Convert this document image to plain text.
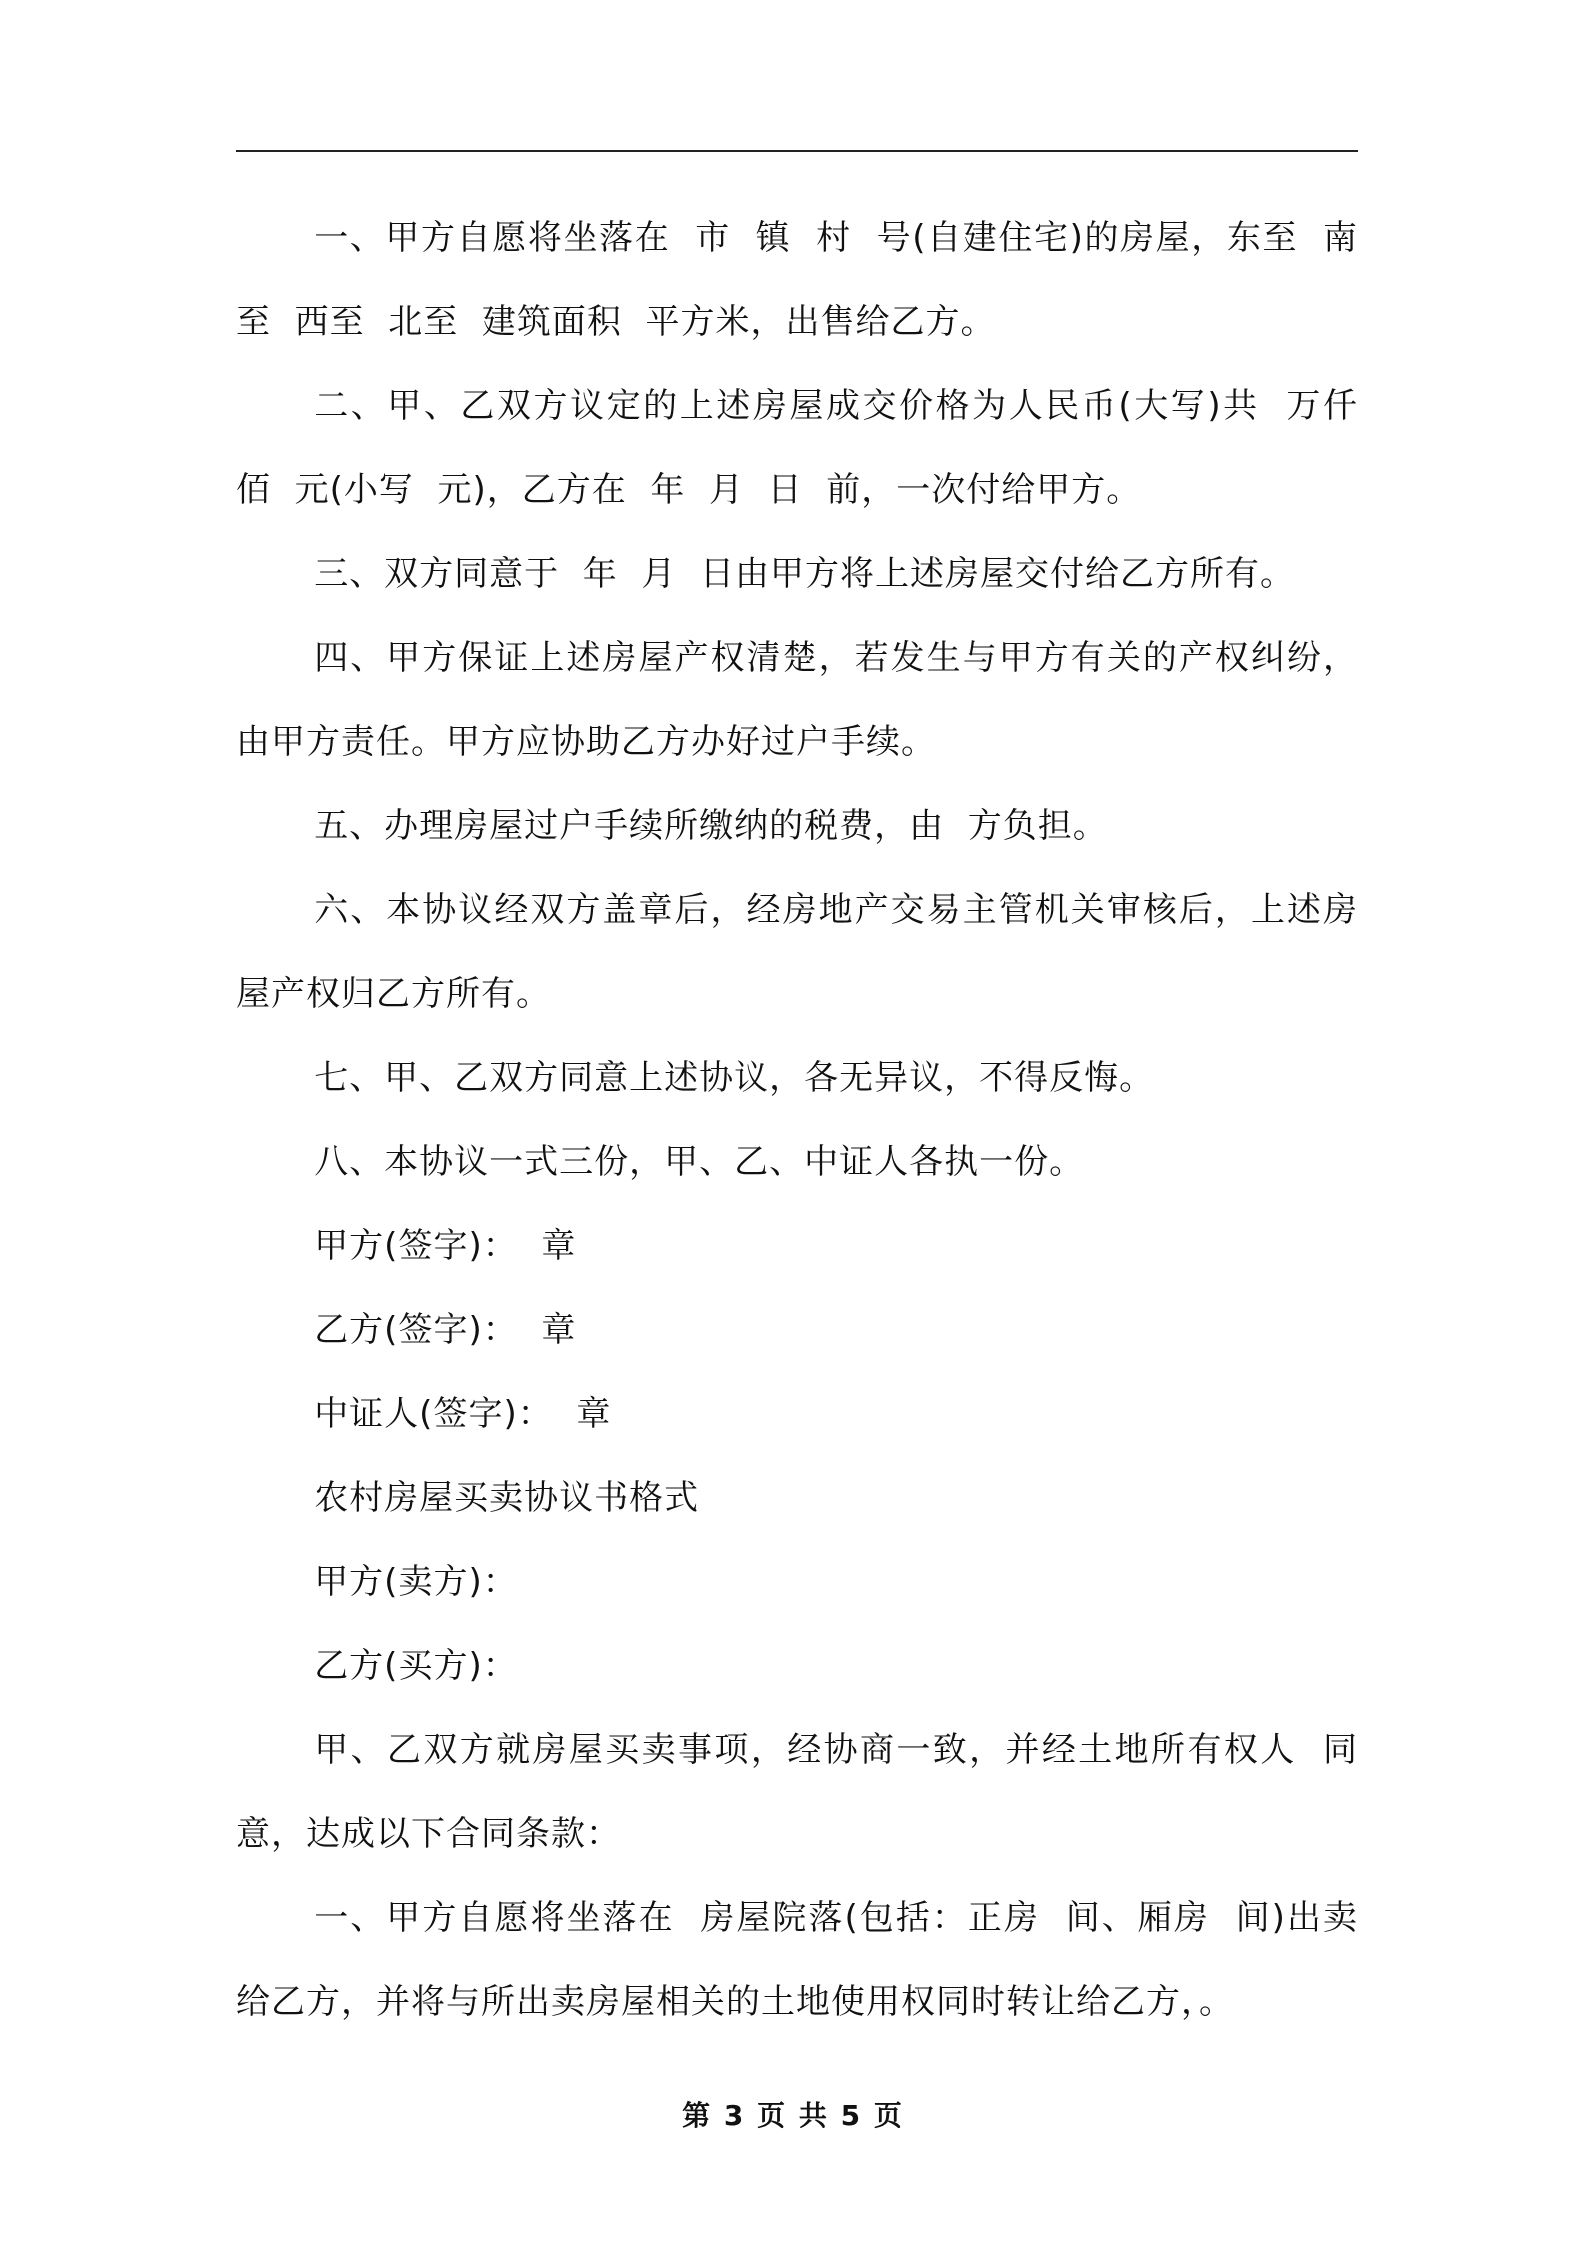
一、甲方自愿将坐落在  市  镇  村  号(自建住宅)的房屋，东至  南至  西至  北至  建筑面积  平方米，出售给乙方。

二、甲、乙双方议定的上述房屋成交价格为人民币(大写)共  万仟  佰  元(小写  元)，乙方在  年  月  日  前，一次付给甲方。

三、双方同意于  年  月  日由甲方将上述房屋交付给乙方所有。

四、甲方保证上述房屋产权清楚，若发生与甲方有关的产权纠纷，由甲方责任。甲方应协助乙方办好过户手续。

五、办理房屋过户手续所缴纳的税费，由  方负担。

六、本协议经双方盖章后，经房地产交易主管机关审核后，上述房屋产权归乙方所有。

七、甲、乙双方同意上述协议，各无异议，不得反悔。

八、本协议一式三份，甲、乙、中证人各执一份。

甲方(签字)：  章

乙方(签字)：  章

中证人(签字)：  章

农村房屋买卖协议书格式

甲方(卖方)：

乙方(买方)：

甲、乙双方就房屋买卖事项，经协商一致，并经土地所有权人  同意，达成以下合同条款：

一、甲方自愿将坐落在  房屋院落(包括：正房  间、厢房  间)出卖给乙方，并将与所出卖房屋相关的土地使用权同时转让给乙方，。

第 3 页 共 5 页
